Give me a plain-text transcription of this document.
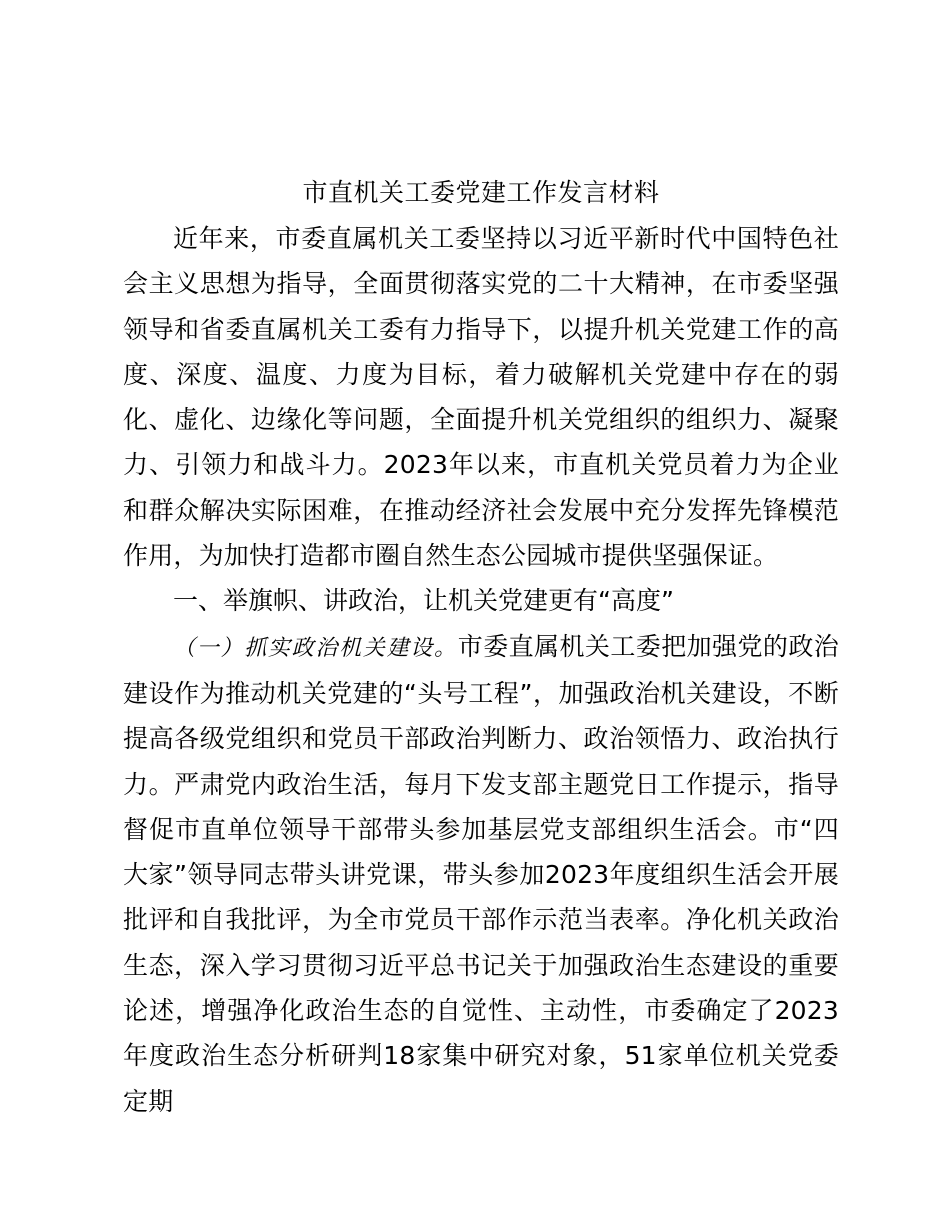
市直机关工委党建工作发言材料

近年来，市委直属机关工委坚持以习近平新时代中国特色社会主义思想为指导，全面贯彻落实党的二十大精神，在市委坚强领导和省委直属机关工委有力指导下，以提升机关党建工作的高度、深度、温度、力度为目标，着力破解机关党建中存在的弱化、虚化、边缘化等问题，全面提升机关党组织的组织力、凝聚力、引领力和战斗力。2023年以来，市直机关党员着力为企业和群众解决实际困难，在推动经济社会发展中充分发挥先锋模范作用，为加快打造都市圈自然生态公园城市提供坚强保证。

一、举旗帜、讲政治，让机关党建更有“高度”

（一）抓实政治机关建设。市委直属机关工委把加强党的政治建设作为推动机关党建的“头号工程”，加强政治机关建设，不断提高各级党组织和党员干部政治判断力、政治领悟力、政治执行力。严肃党内政治生活，每月下发支部主题党日工作提示，指导督促市直单位领导干部带头参加基层党支部组织生活会。市“四大家”领导同志带头讲党课，带头参加2023年度组织生活会开展批评和自我批评，为全市党员干部作示范当表率。净化机关政治生态，深入学习贯彻习近平总书记关于加强政治生态建设的重要论述，增强净化政治生态的自觉性、主动性，市委确定了2023年度政治生态分析研判18家集中研究对象，51家单位机关党委定期
